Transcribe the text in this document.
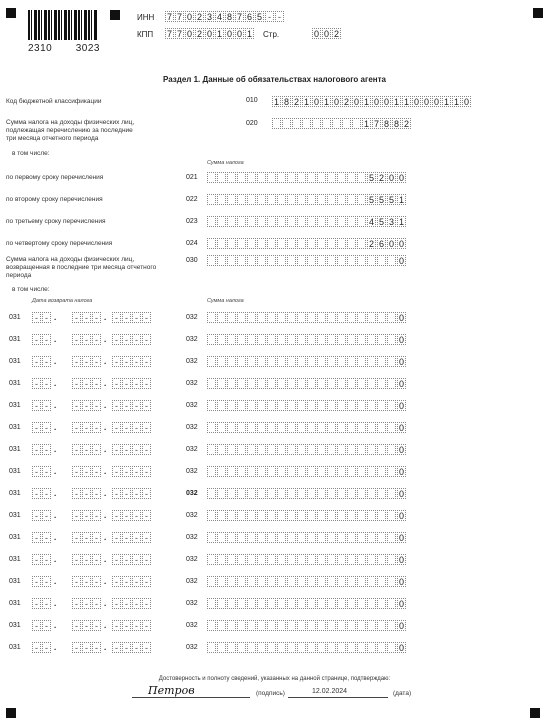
2310 3023
ИНН 7 7 0 2 3 4 8 7 6 5 - -
КПП 7 7 0 2 0 1 0 0 1 Стр.	0 0 2
Раздел 1. Данные об обязательствах налогового агента
Код бюджетной классификации	010 1 8 2 1 0 1 0 2 0 1 0 0 1 1 0 0 0 1 1 0
Сумма налога на доходы физических лиц,
подлежащая перечислению за последние
три месяца отчетного периода
в том числе:
020	1 7 8 8 2
Сумма налога
по первому сроку перечисления	021	5 2 0 0
по второму сроку перечисления	022	5 5 5 1
по третьему сроку перечисления	023	4 5 3 1
по четвертому сроку перечисления	024	2 6 0 0
Сумма налога на доходы физических лиц,
возвращенная в последние три месяца отчетного
периода
в том числе:
030	0
Дата возврата налога	Сумма налога
031	- - .	- - - . - - - -	032	0
031	- - .	- - - . - - - -	032	0
031	- - .	- - - . - - - -	032	0
031	- - .	- - - . - - - -	032	0
031	- - .	- - - . - - - -	032	0
031	- - .	- - - . - - - -	032	0
031	- - .	- - - . - - - -	032	0
031	- - .	- - - . - - - -	032	0
031	- - .	- - - . - - - -	032	0
031	- - .	- - - . - - - -	032	0
031	- - .	- - - . - - - -	032	0
031	- - .	- - - . - - - -	032	0
031	- - .	- - - . - - - -	032	0
031	- - .	- - - . - - - -	032	0
031	- - .	- - - . - - - -	032	0
031	- - .	- - - . - - - -	032	0
Достоверность и полноту сведений, указанных на данной странице, подтверждаю:
Петров	(подпись)	12.02.2024	(дата)
